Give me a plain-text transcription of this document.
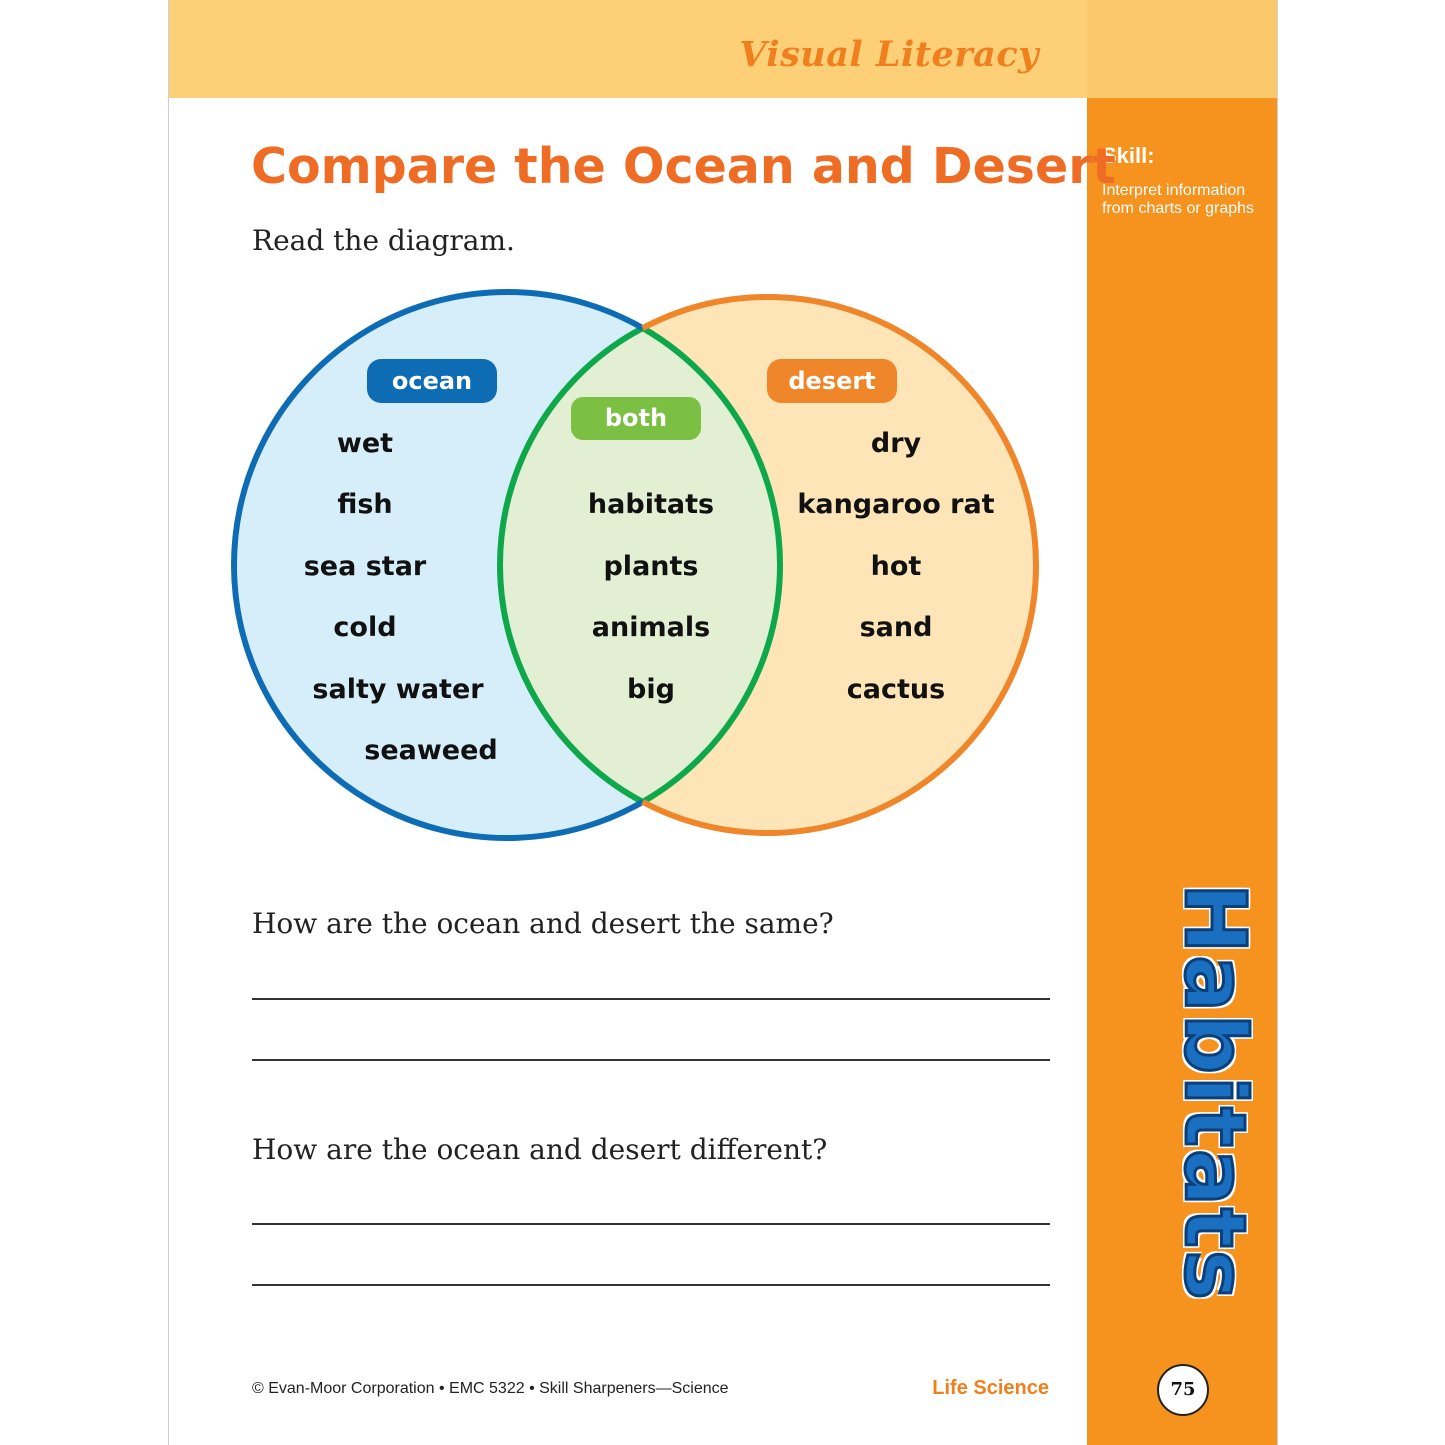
Visual Literacy
Skill:
Interpret information from charts or graphs
Habitats
75
Compare the Ocean and Desert
Read the diagram.
ocean
both
desert
wet
fish
sea star
cold
salty water
seaweed
habitats
plants
animals
big
dry
kangaroo rat
hot
sand
cactus
How are the ocean and desert the same?
How are the ocean and desert different?
© Evan-Moor Corporation • EMC 5322 • Skill Sharpeners—Science	Life Science
